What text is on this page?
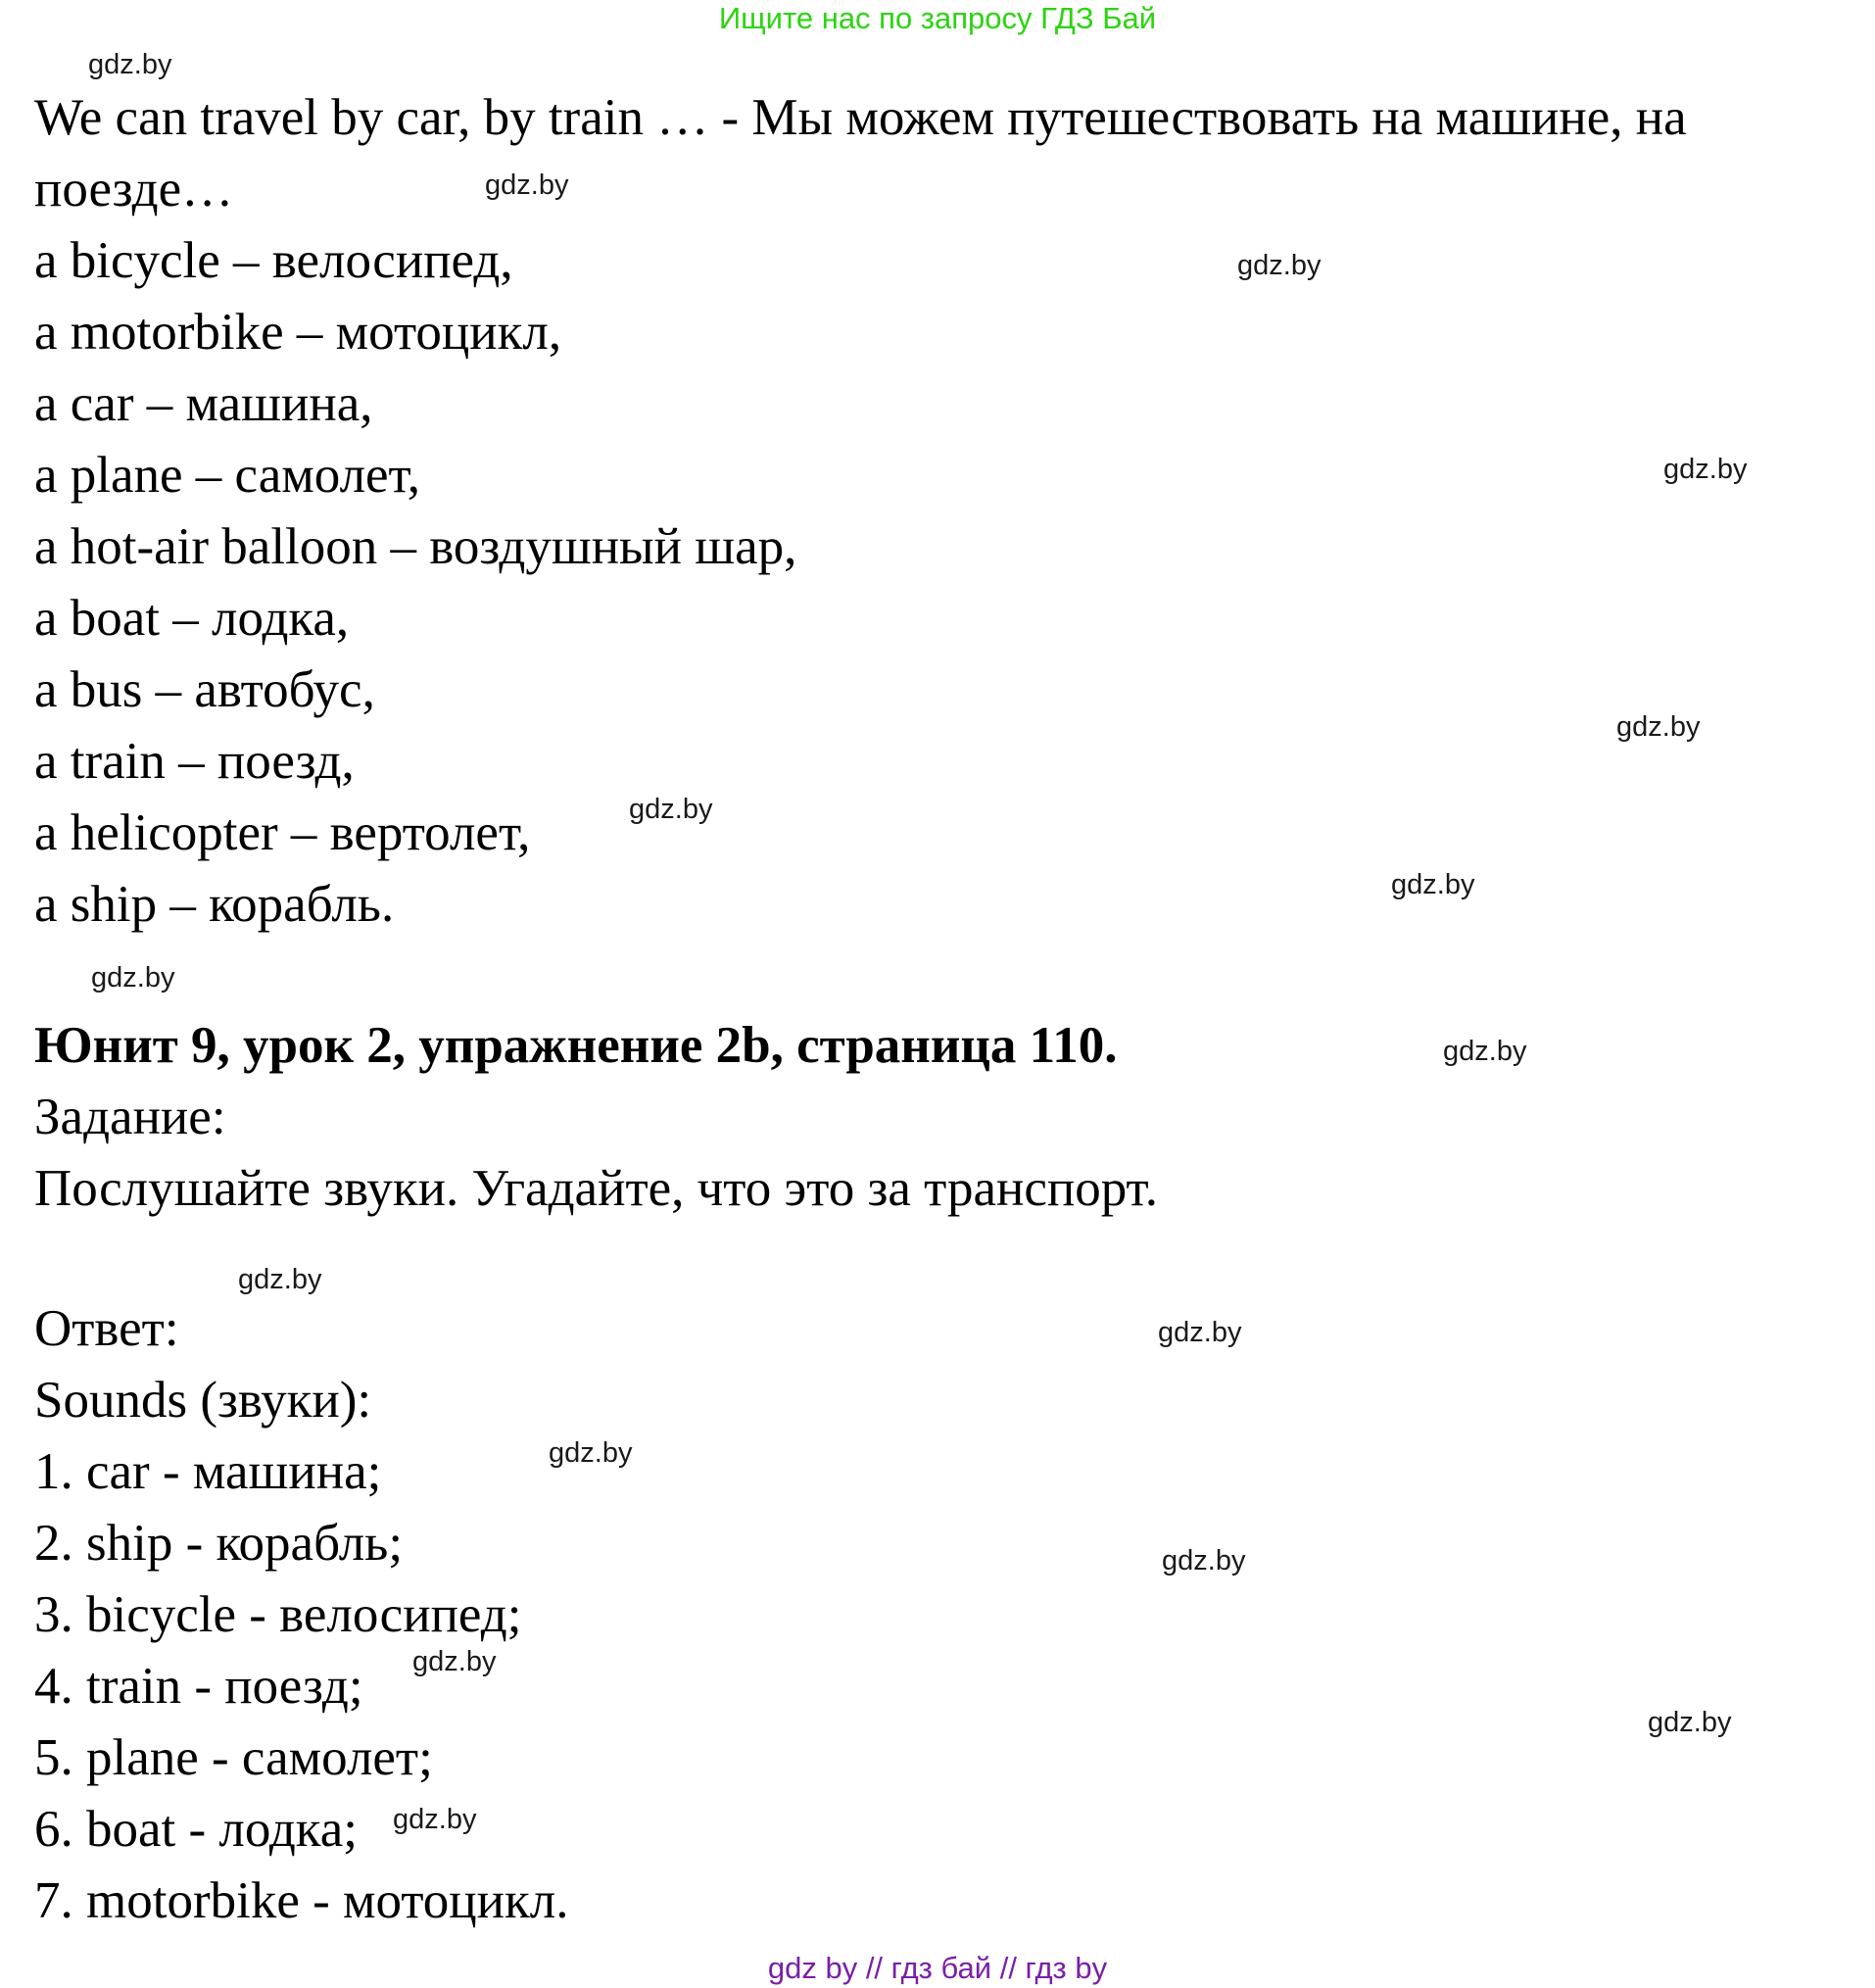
Ищите нас по запросу ГДЗ Бай
We can travel by car, by train … - Мы можем путешествовать на машине, на
поезде…
a bicycle – велосипед,
a motorbike – мотоцикл,
a car – машина,
a plane – самолет,
a hot-air balloon – воздушный шар,
a boat – лодка,
a bus – автобус,
a train – поезд,
a helicopter – вертолет,
a ship – корабль.
Юнит 9, урок 2, упражнение 2b, страница 110.
Задание:
Послушайте звуки. Угадайте, что это за транспорт.
Ответ:
Sounds (звуки):
1. car - машина;
2. ship - корабль;
3. bicycle - велосипед;
4. train - поезд;
5. plane - самолет;
6. boat - лодка;
7. motorbike - мотоцикл.
gdz.by
gdz.by
gdz.by
gdz.by
gdz.by
gdz.by
gdz.by
gdz.by
gdz.by
gdz.by
gdz.by
gdz.by
gdz.by
gdz.by
gdz.by
gdz.by
gdz by // гдз бай // гдз by
